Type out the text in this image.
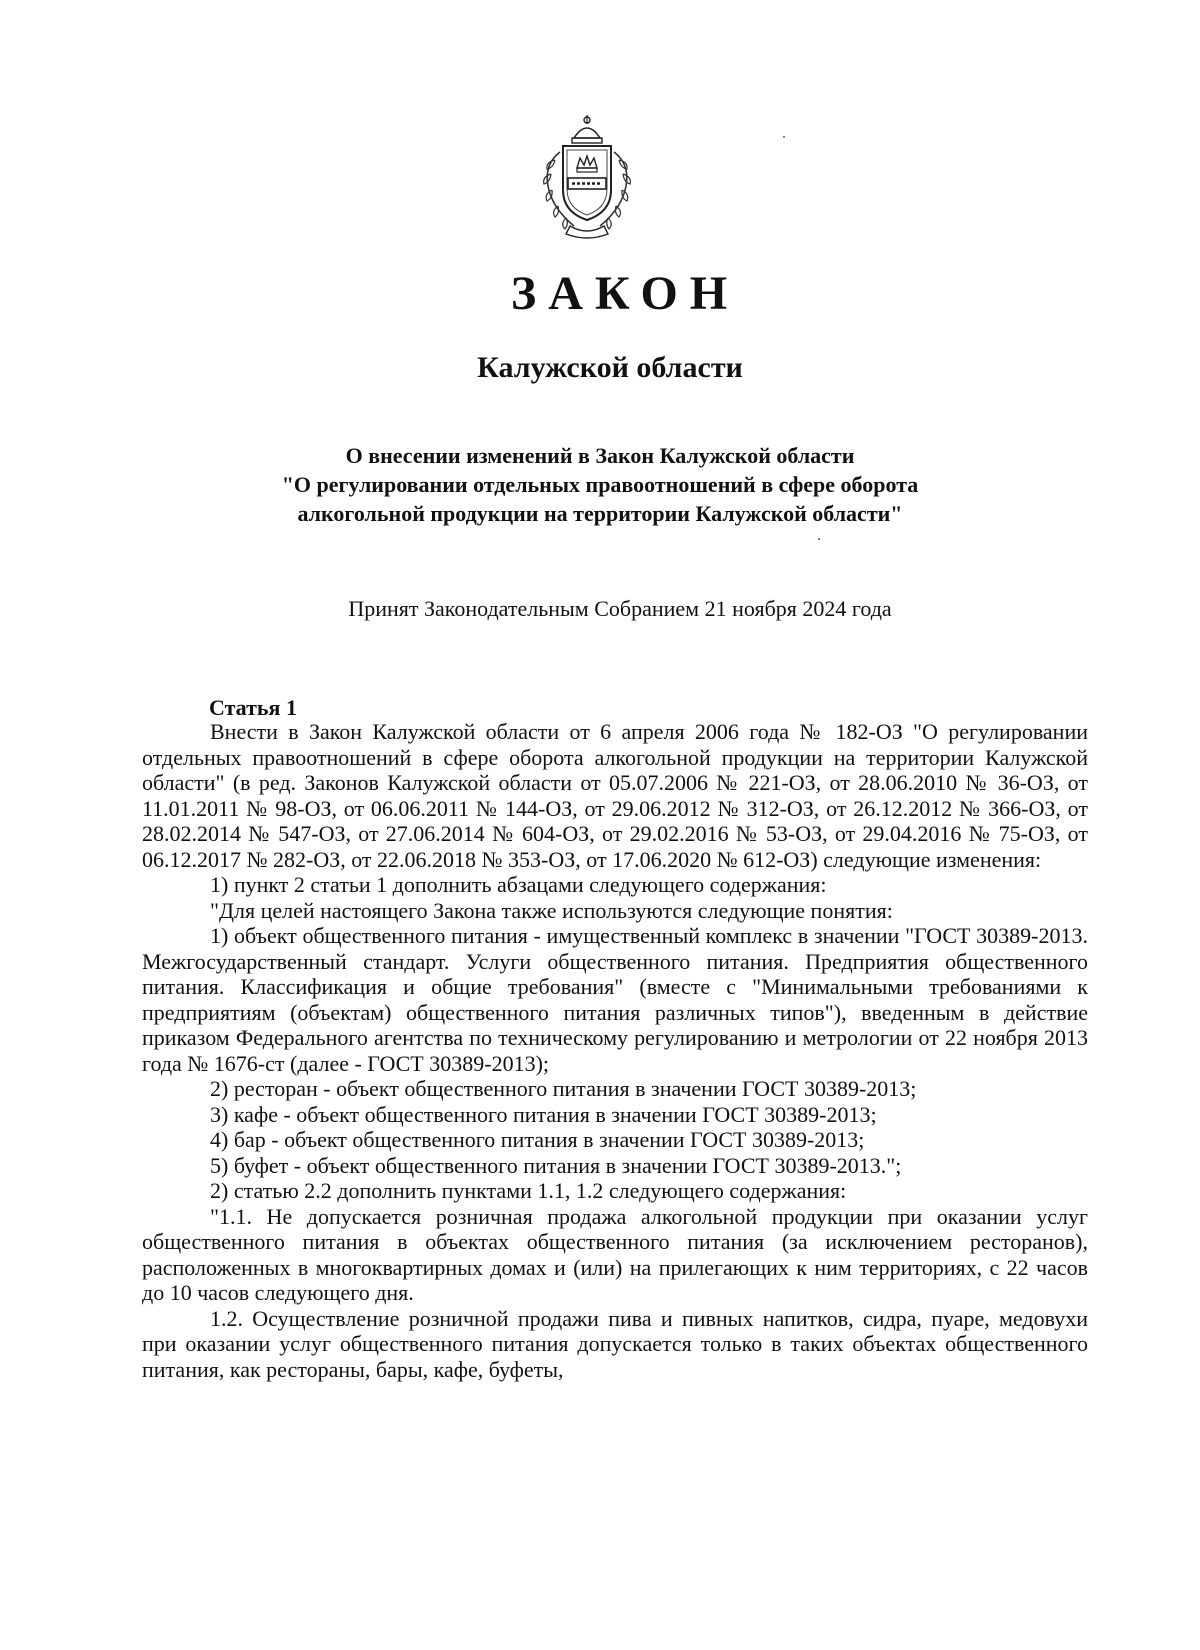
ЗАКОН
Калужской области
О внесении изменений в Закон Калужской области
"О регулировании отдельных правоотношений в сфере оборота
алкогольной продукции на территории Калужской области"
Принят Законодательным Собранием 21 ноября 2024 года
Статья 1

Внести в Закон Калужской области от 6 апреля 2006 года № 182-ОЗ "О регулировании отдельных правоотношений в сфере оборота алкогольной продукции на территории Калужской области" (в ред. Законов Калужской области от 05.07.2006 № 221-ОЗ, от 28.06.2010 № 36-ОЗ, от 11.01.2011 № 98-ОЗ, от 06.06.2011 № 144-ОЗ, от 29.06.2012 № 312-ОЗ, от 26.12.2012 № 366-ОЗ, от 28.02.2014 № 547-ОЗ, от 27.06.2014 № 604-ОЗ, от 29.02.2016 № 53-ОЗ, от 29.04.2016 № 75-ОЗ, от 06.12.2017 № 282-ОЗ, от 22.06.2018 № 353-ОЗ, от 17.06.2020 № 612-ОЗ) следующие изменения:

1) пункт 2 статьи 1 дополнить абзацами следующего содержания:

"Для целей настоящего Закона также используются следующие понятия:

1) объект общественного питания - имущественный комплекс в значении "ГОСТ 30389-2013. Межгосударственный стандарт. Услуги общественного питания. Предприятия общественного питания. Классификация и общие требования" (вместе с "Минимальными требованиями к предприятиям (объектам) общественного питания различных типов"), введенным в действие приказом Федерального агентства по техническому регулированию и метрологии от 22 ноября 2013 года № 1676-ст (далее - ГОСТ 30389-2013);

2) ресторан - объект общественного питания в значении ГОСТ 30389-2013;

3) кафе - объект общественного питания в значении ГОСТ 30389-2013;

4) бар - объект общественного питания в значении ГОСТ 30389-2013;

5) буфет - объект общественного питания в значении ГОСТ 30389-2013.";

2) статью 2.2 дополнить пунктами 1.1, 1.2 следующего содержания:

"1.1. Не допускается розничная продажа алкогольной продукции при оказании услуг общественного питания в объектах общественного питания (за исключением ресторанов), расположенных в многоквартирных домах и (или) на прилегающих к ним территориях, с 22 часов до 10 часов следующего дня.

1.2. Осуществление розничной продажи пива и пивных напитков, сидра, пуаре, медовухи при оказании услуг общественного питания допускается только в таких объектах общественного питания, как рестораны, бары, кафе, буфеты,
